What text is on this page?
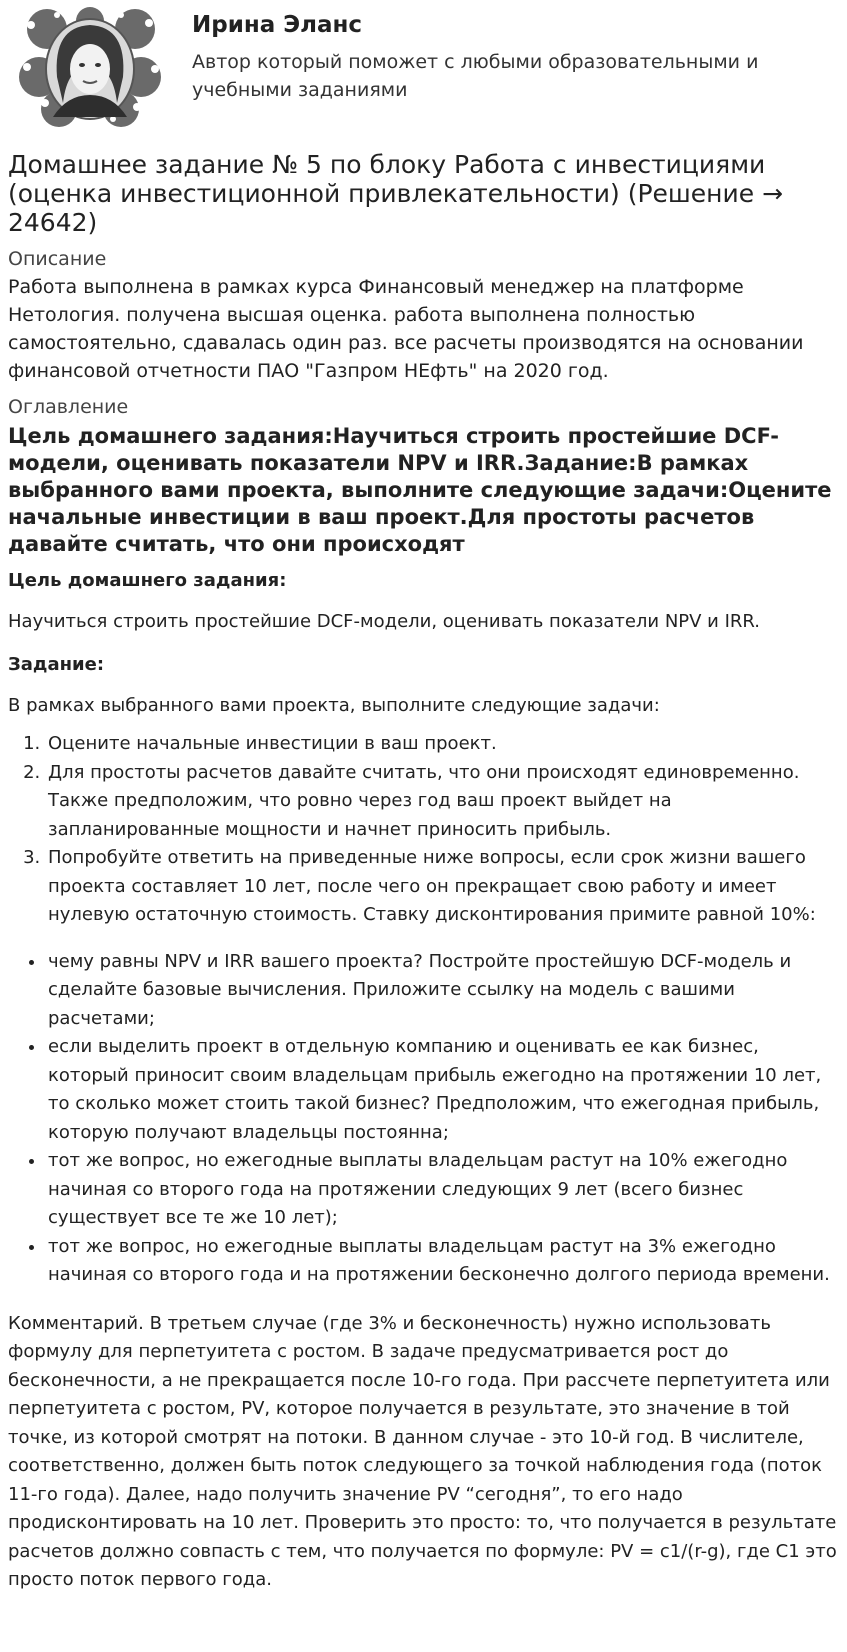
Ирина Эланс
Автор который поможет с любыми образовательными и учебными заданиями
Домашнее задание № 5 по блоку Работа с инвестициями (оценка инвестиционной привлекательности) (Решение → 24642)
Описание

Работа выполнена в рамках курса Финансовый менеджер на платформе Нетология. получена высшая оценка. работа выполнена полностью самостоятельно, сдавалась один раз. все расчеты производятся на основании финансовой отчетности ПАО "Газпром НЕфть" на 2020 год.

Оглавление
Цель домашнего задания:Научиться строить простейшие DCF-модели, оценивать показатели NPV и IRR.Задание:В рамках выбранного вами проекта, выполните следующие задачи:Оцените начальные инвестиции в ваш проект.Для простоты расчетов давайте считать, что они происходят

Цель домашнего задания:

Научиться строить простейшие DCF-модели, оценивать показатели NPV и IRR.

Задание:

В рамках выбранного вами проекта, выполните следующие задачи:

1. Оцените начальные инвестиции в ваш проект.
2. Для простоты расчетов давайте считать, что они происходят единовременно. Также предположим, что ровно через год ваш проект выйдет на запланированные мощности и начнет приносить прибыль.
3. Попробуйте ответить на приведенные ниже вопросы, если срок жизни вашего проекта составляет 10 лет, после чего он прекращает свою работу и имеет нулевую остаточную стоимость. Ставку дисконтирования примите равной 10%:
• чему равны NPV и IRR вашего проекта? Постройте простейшую DCF-модель и сделайте базовые вычисления. Приложите ссылку на модель с вашими расчетами;
• если выделить проект в отдельную компанию и оценивать ее как бизнес, который приносит своим владельцам прибыль ежегодно на протяжении 10 лет, то сколько может стоить такой бизнес? Предположим, что ежегодная прибыль, которую получают владельцы постоянна;
• тот же вопрос, но ежегодные выплаты владельцам растут на 10% ежегодно начиная со второго года на протяжении следующих 9 лет (всего бизнес существует все те же 10 лет);
• тот же вопрос, но ежегодные выплаты владельцам растут на 3% ежегодно начиная со второго года и на протяжении бесконечно долгого периода времени.

Комментарий. В третьем случае (где 3% и бесконечность) нужно использовать формулу для перпетуитета с ростом. В задаче предусматривается рост до бесконечности, а не прекращается после 10-го года. При рассчете перпетуитета или перпетуитета с ростом, PV, которое получается в результате, это значение в той точке, из которой смотрят на потоки. В данном случае - это 10-й год. В числителе, соответственно, должен быть поток следующего за точкой наблюдения года (поток 11-го года). Далее, надо получить значение PV “сегодня”, то его надо продисконтировать на 10 лет. Проверить это просто: то, что получается в результате расчетов должно совпасть с тем, что получается по формуле: PV = c1/(r-g), где C1 это просто поток первого года.
